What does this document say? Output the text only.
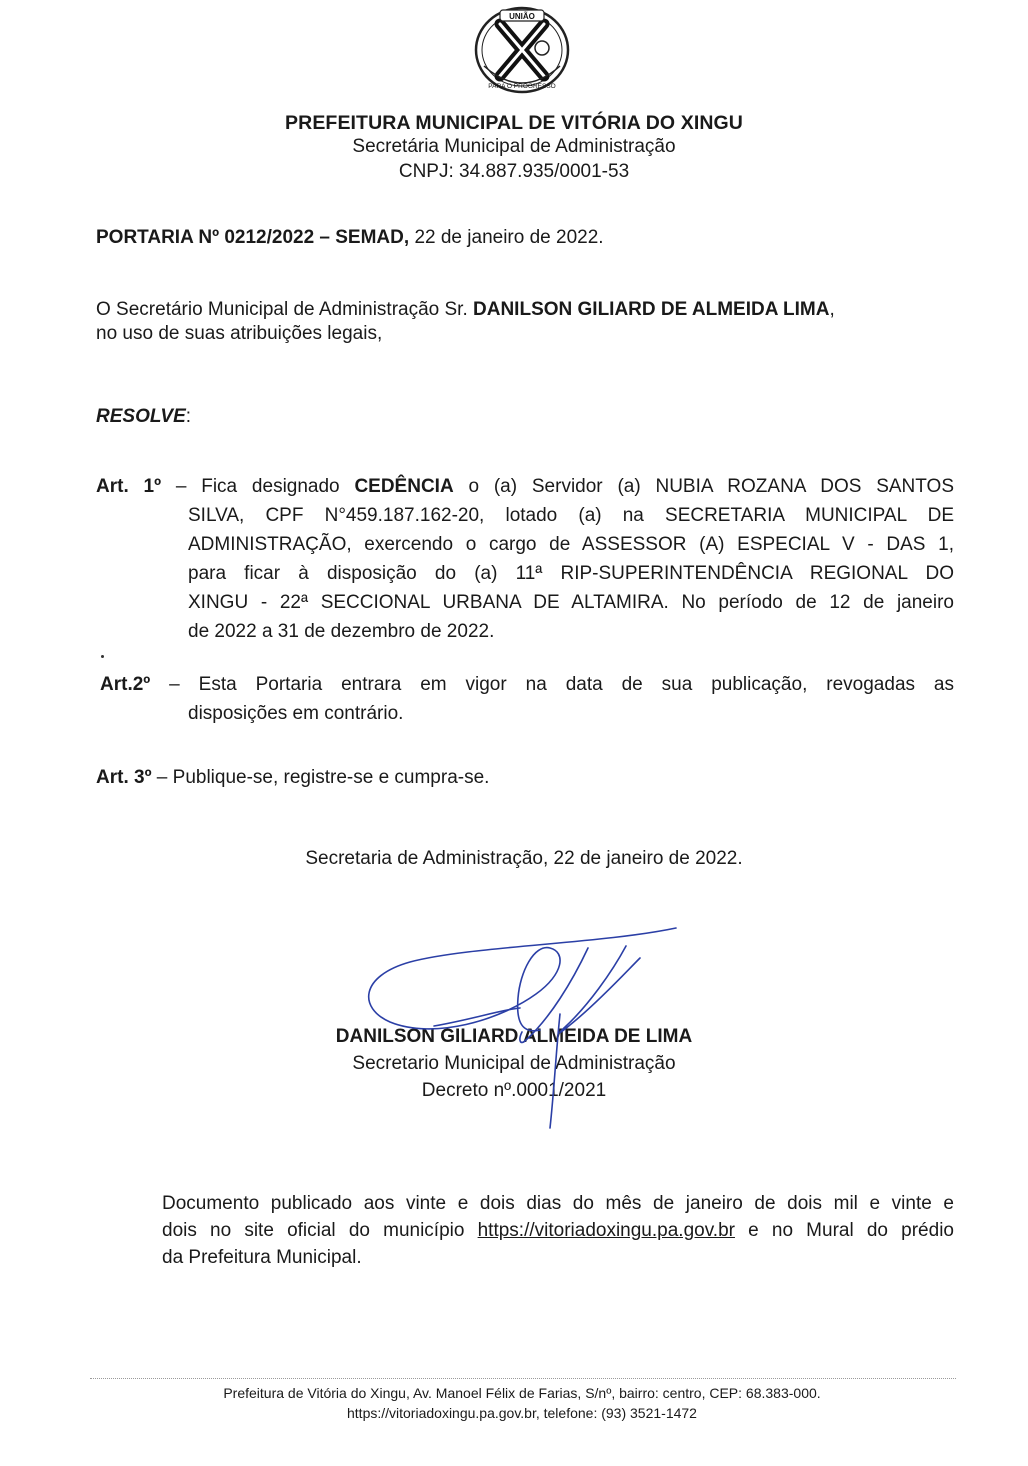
UNIÃO
PARA O PROGRESSO
PREFEITURA MUNICIPAL DE VITÓRIA DO XINGU
Secretária Municipal de Administração
CNPJ: 34.887.935/0001-53
PORTARIA Nº 0212/2022 – SEMAD, 22 de janeiro de 2022.
O Secretário Municipal de Administração Sr. DANILSON GILIARD DE ALMEIDA LIMA,
no uso de suas atribuições legais,
RESOLVE:
Art. 1º – Fica designado CEDÊNCIA o (a) Servidor (a) NUBIA ROZANA DOS SANTOS
SILVA, CPF N°459.187.162-20, lotado (a) na SECRETARIA MUNICIPAL DE
ADMINISTRAÇÃO, exercendo o cargo de ASSESSOR (A) ESPECIAL V - DAS 1,
para ficar à disposição do (a) 11ª RIP-SUPERINTENDÊNCIA REGIONAL DO
XINGU - 22ª SECCIONAL URBANA DE ALTAMIRA. No período de 12 de janeiro
de 2022 a 31 de dezembro de 2022.
Art.2º – Esta Portaria entrara em vigor na data de sua publicação, revogadas as
disposições em contrário.
Art. 3º – Publique-se, registre-se e cumpra-se.
Secretaria de Administração, 22 de janeiro de 2022.
DANILSON GILIARD ALMEIDA DE LIMA
Secretario Municipal de Administração
Decreto nº.0001/2021
Documento publicado aos vinte e dois dias do mês de janeiro de dois mil e vinte e
dois no site oficial do município https://vitoriadoxingu.pa.gov.br e no Mural do prédio
da Prefeitura Municipal.
Prefeitura de Vitória do Xingu, Av. Manoel Félix de Farias, S/nº, bairro: centro, CEP: 68.383-000.
https://vitoriadoxingu.pa.gov.br, telefone: (93) 3521-1472
